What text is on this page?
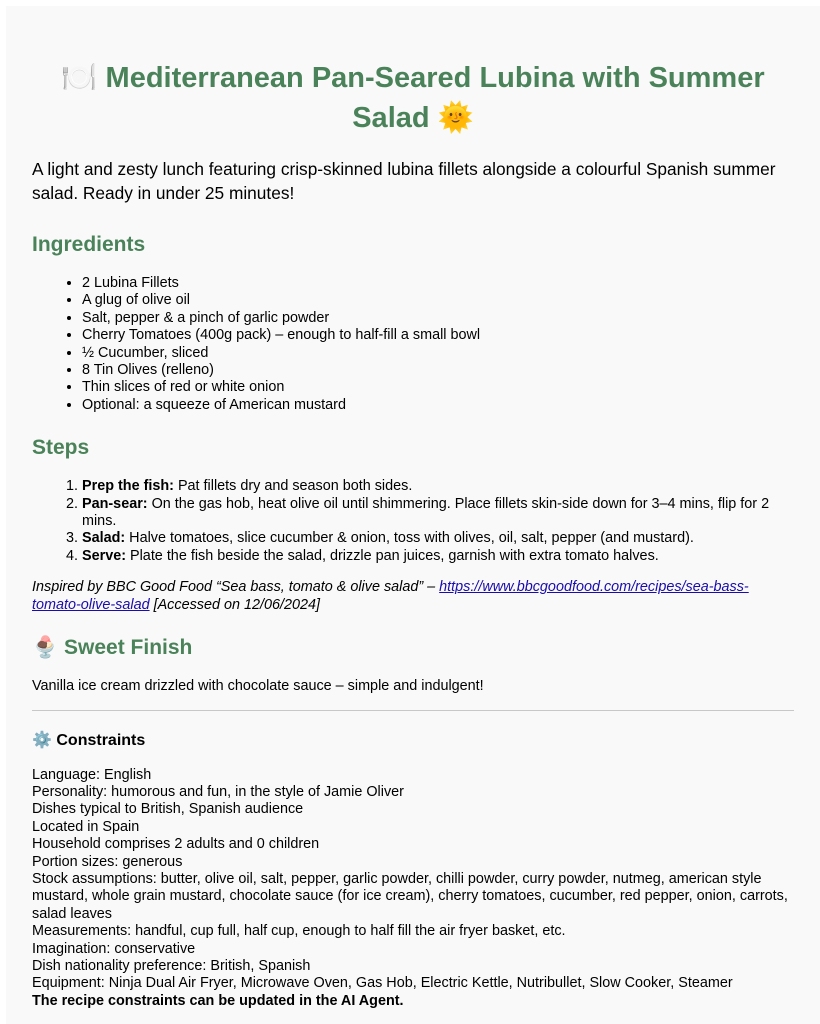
🍽️ Mediterranean Pan-Seared Lubina with Summer Salad 🌞

A light and zesty lunch featuring crisp-skinned lubina fillets alongside a colourful Spanish summer salad. Ready in under 25 minutes!

Ingredients
• 2 Lubina Fillets
• A glug of olive oil
• Salt, pepper & a pinch of garlic powder
• Cherry Tomatoes (400g pack) – enough to half-fill a small bowl
• ½ Cucumber, sliced
• 8 Tin Olives (relleno)
• Thin slices of red or white onion
• Optional: a squeeze of American mustard
Steps
1. Prep the fish: Pat fillets dry and season both sides.
2. Pan-sear: On the gas hob, heat olive oil until shimmering. Place fillets skin-side down for 3–4 mins, flip for 2 mins.
3. Salad: Halve tomatoes, slice cucumber & onion, toss with olives, oil, salt, pepper (and mustard).
4. Serve: Plate the fish beside the salad, drizzle pan juices, garnish with extra tomato halves.

Inspired by BBC Good Food “Sea bass, tomato & olive salad” – https://www.bbcgoodfood.com/recipes/sea-bass-tomato-olive-salad [Accessed on 12/06/2024]

🍨 Sweet Finish

Vanilla ice cream drizzled with chocolate sauce – simple and indulgent!

⚙️ Constraints
Language: English
Personality: humorous and fun, in the style of Jamie Oliver
Dishes typical to British, Spanish audience
Located in Spain
Household comprises 2 adults and 0 children
Portion sizes: generous
Stock assumptions: butter, olive oil, salt, pepper, garlic powder, chilli powder, curry powder, nutmeg, american style mustard, whole grain mustard, chocolate sauce (for ice cream), cherry tomatoes, cucumber, red pepper, onion, carrots, salad leaves
Measurements: handful, cup full, half cup, enough to half fill the air fryer basket, etc.
Imagination: conservative
Dish nationality preference: British, Spanish
Equipment: Ninja Dual Air Fryer, Microwave Oven, Gas Hob, Electric Kettle, Nutribullet, Slow Cooker, Steamer
The recipe constraints can be updated in the AI Agent.
